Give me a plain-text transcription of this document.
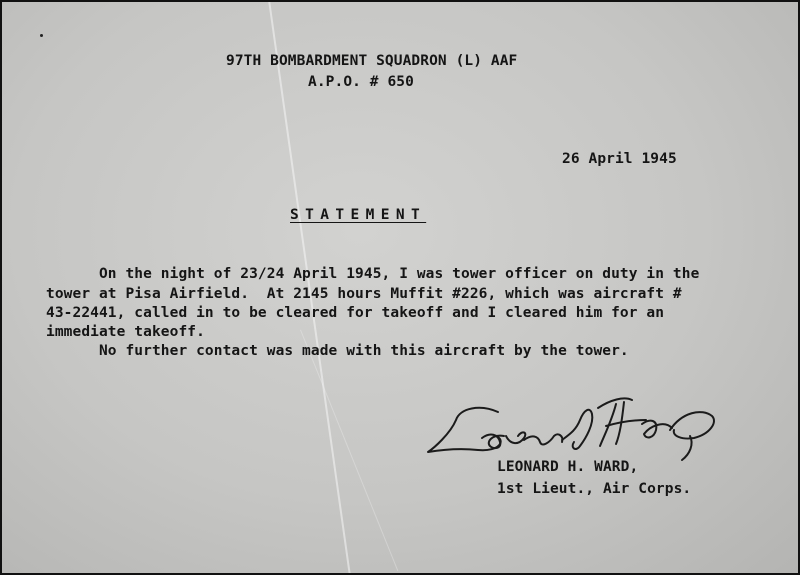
97TH BOMBARDMENT SQUADRON (L) AAF
A.P.O. # 650
26 April 1945
STATEMENT
On the night of 23/24 April 1945, I was tower officer on duty in the
tower at Pisa Airfield.  At 2145 hours Muffit #226, which was aircraft #
43-22441, called in to be cleared for takeoff and I cleared him for an
immediate takeoff.
No further contact was made with this aircraft by the tower.
LEONARD H. WARD,
1st Lieut., Air Corps.
